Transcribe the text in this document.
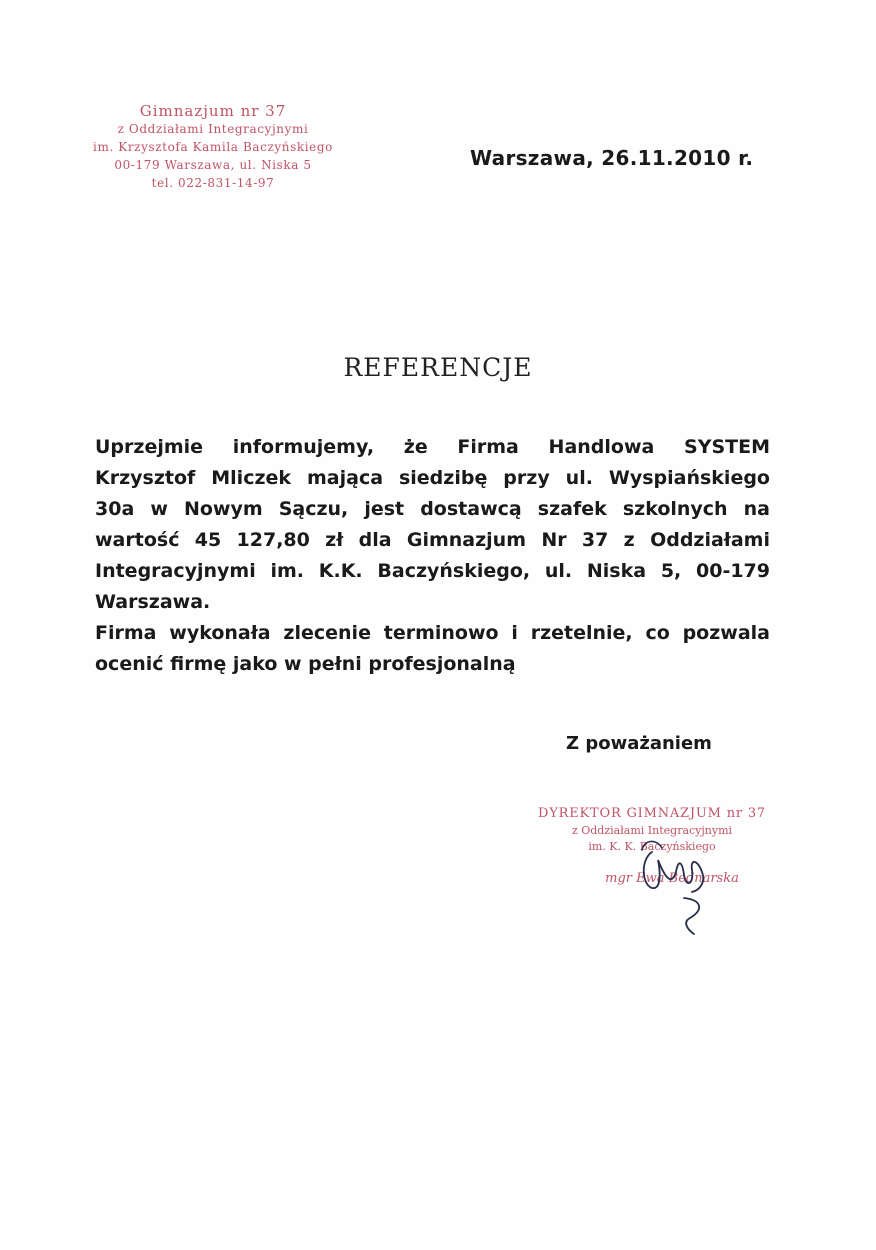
Gimnazjum nr 37
z Oddziałami Integracyjnymi
im. Krzysztofa Kamila Baczyńskiego
00-179 Warszawa, ul. Niska 5
tel. 022-831-14-97
Warszawa, 26.11.2010 r.
REFERENCJE
Uprzejmie informujemy, że Firma Handlowa SYSTEM
Krzysztof Mliczek mająca siedzibę przy ul. Wyspiańskiego
30a w Nowym Sączu, jest dostawcą szafek szkolnych na
wartość 45 127,80 zł dla Gimnazjum Nr 37 z Oddziałami
Integracyjnymi im. K.K. Baczyńskiego, ul. Niska 5, 00-179
Warszawa.
Firma wykonała zlecenie terminowo i rzetelnie, co pozwala
ocenić firmę jako w pełni profesjonalną
Z poważaniem
DYREKTOR GIMNAZJUM nr 37
z Oddziałami Integracyjnymi
im. K. K. Baczyńskiego
mgr Ewa Bednarska
